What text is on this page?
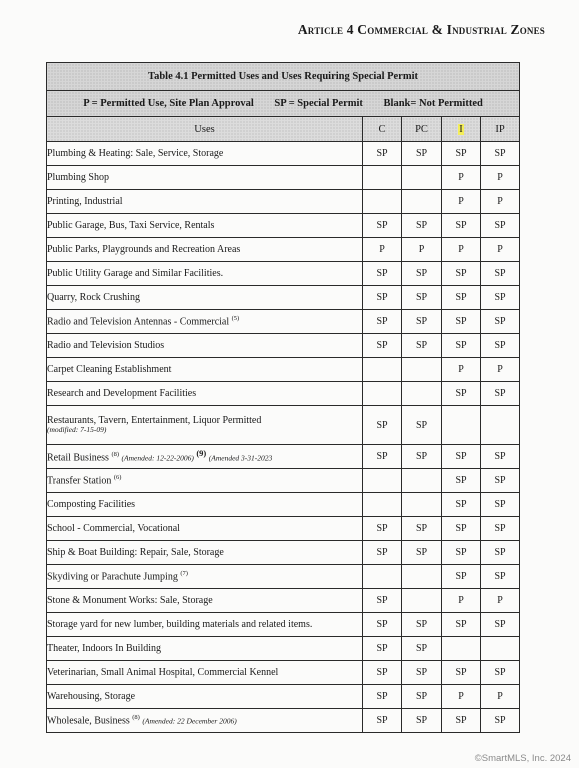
Article 4 Commercial & Industrial Zones
Table 4.1 Permitted Uses and Uses Requiring Special Permit				
P = Permitted Use, Site Plan Approval SP = Special Permit Blank= Not Permitted				
Uses	C	PC	I	IP
Plumbing & Heating: Sale, Service, Storage	SP	SP	SP	SP
Plumbing Shop			P	P
Printing, Industrial			P	P
Public Garage, Bus, Taxi Service, Rentals	SP	SP	SP	SP
Public Parks, Playgrounds and Recreation Areas	P	P	P	P
Public Utility Garage and Similar Facilities.	SP	SP	SP	SP
Quarry, Rock Crushing	SP	SP	SP	SP
Radio and Television Antennas - Commercial $^{(5)}$	SP	SP	SP	SP
Radio and Television Studios	SP	SP	SP	SP
Carpet Cleaning Establishment			P	P
Research and Development Facilities			SP	SP
Restaurants, Tavern, Entertainment, Liquor Permitted
(modified: 7-15-09)	SP	SP		
Retail Business $^{(8)}$ (Amended: 12-22-2006) $^{(9)}$ (Amended 3-31-2023	SP	SP	SP	SP
Transfer Station $^{(6)}$			SP	SP
Composting Facilities			SP	SP
School - Commercial, Vocational	SP	SP	SP	SP
Ship & Boat Building: Repair, Sale, Storage	SP	SP	SP	SP
Skydiving or Parachute Jumping $^{(7)}$			SP	SP
Stone & Monument Works: Sale, Storage	SP		P	P
Storage yard for new lumber, building materials and related items.	SP	SP	SP	SP
Theater, Indoors In Building	SP	SP		
Veterinarian, Small Animal Hospital, Commercial Kennel	SP	SP	SP	SP
Warehousing, Storage	SP	SP	P	P
Wholesale, Business $^{(8)}$ (Amended: 22 December 2006)	SP	SP	SP	SP
©SmartMLS, Inc. 2024
